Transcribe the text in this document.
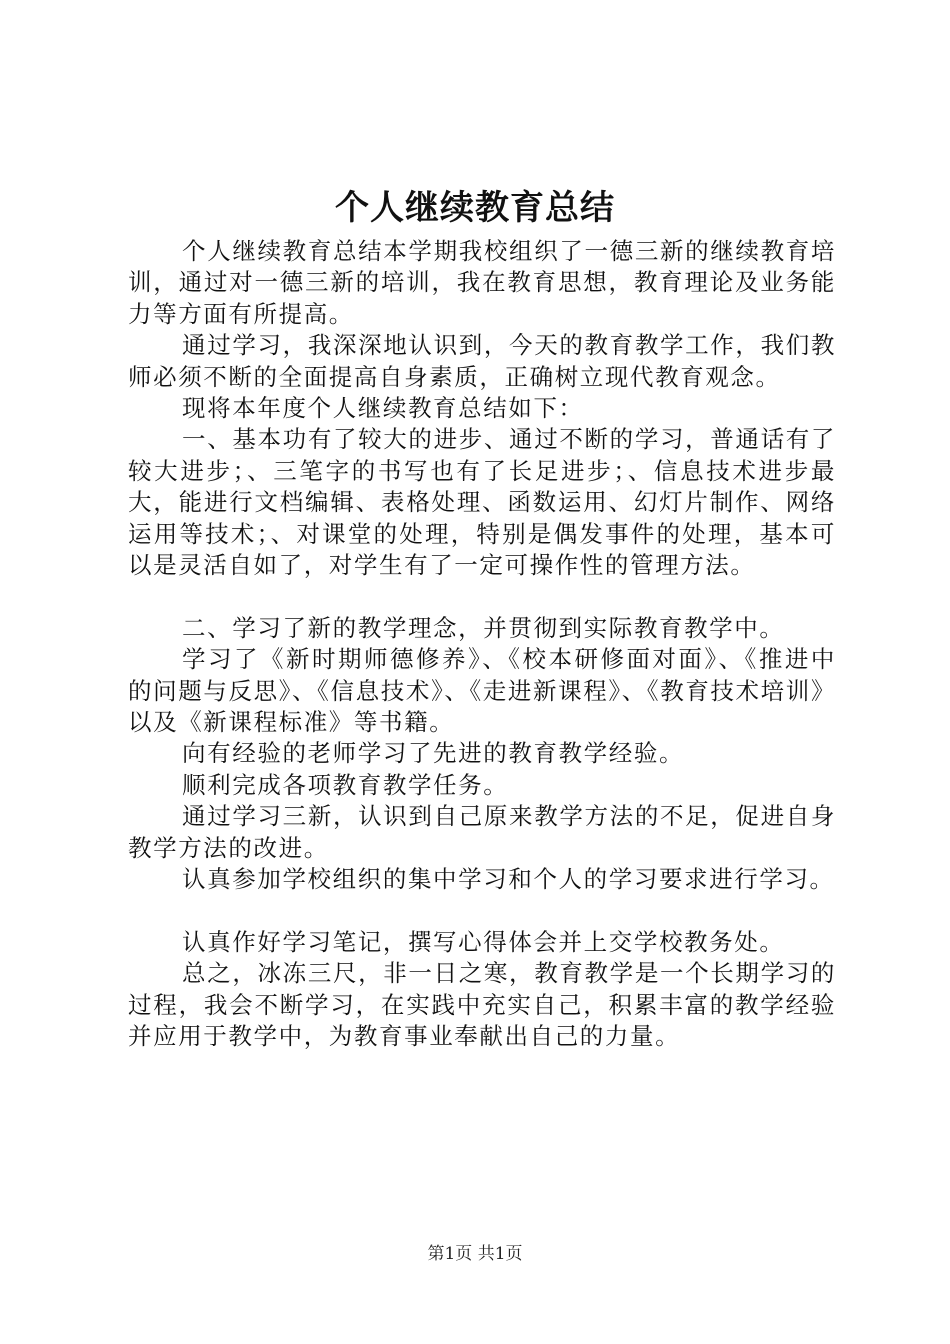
个人继续教育总结

个人继续教育总结本学期我校组织了一德三新的继续教育培训，通过对一德三新的培训，我在教育思想，教育理论及业务能力等方面有所提高。

通过学习，我深深地认识到，今天的教育教学工作，我们教师必须不断的全面提高自身素质，正确树立现代教育观念。

现将本年度个人继续教育总结如下：

一、基本功有了较大的进步、通过不断的学习，普通话有了较大进步；、三笔字的书写也有了长足进步；、信息技术进步最大，能进行文档编辑、表格处理、函数运用、幻灯片制作、网络运用等技术；、对课堂的处理，特别是偶发事件的处理，基本可以是灵活自如了，对学生有了一定可操作性的管理方法。

二、学习了新的教学理念，并贯彻到实际教育教学中。

学习了《新时期师德修养》、《校本研修面对面》、《推进中的问题与反思》、《信息技术》、《走进新课程》、《教育技术培训》以及《新课程标准》等书籍。

向有经验的老师学习了先进的教育教学经验。

顺利完成各项教育教学任务。

通过学习三新，认识到自己原来教学方法的不足，促进自身教学方法的改进。

认真参加学校组织的集中学习和个人的学习要求进行学习。

认真作好学习笔记，撰写心得体会并上交学校教务处。

总之，冰冻三尺，非一日之寒，教育教学是一个长期学习的过程，我会不断学习，在实践中充实自己，积累丰富的教学经验并应用于教学中，为教育事业奉献出自己的力量。

第1页 共1页
